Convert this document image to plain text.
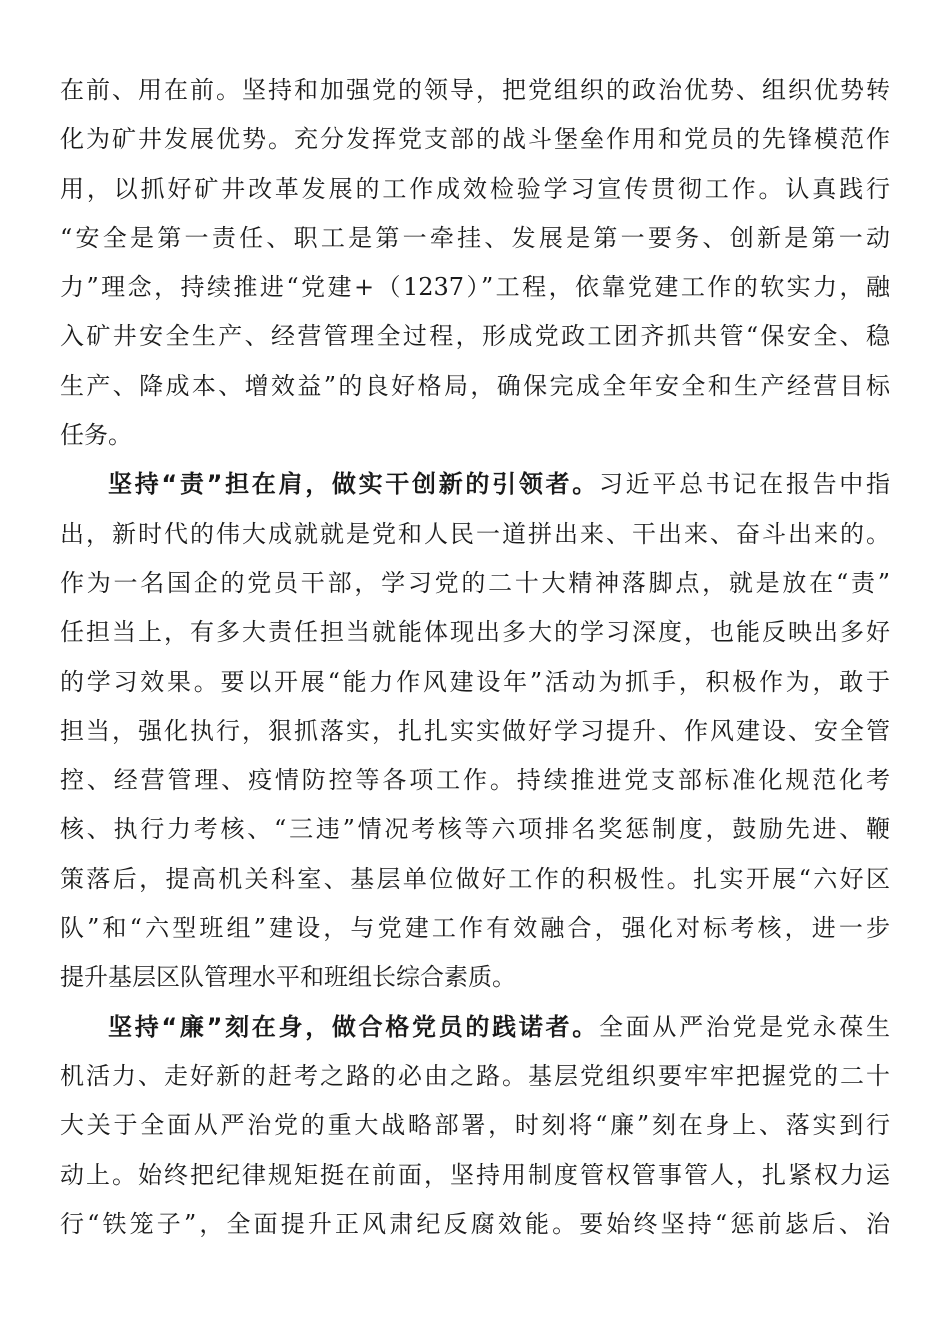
在前、用在前。坚持和加强党的领导，把党组织的政治优势、组织优势转
化为矿井发展优势。充分发挥党支部的战斗堡垒作用和党员的先锋模范作
用，以抓好矿井改革发展的工作成效检验学习宣传贯彻工作。认真践行
“安全是第一责任、职工是第一牵挂、发展是第一要务、创新是第一动
力”理念，持续推进“党建+（1237）”工程，依靠党建工作的软实力，融
入矿井安全生产、经营管理全过程，形成党政工团齐抓共管“保安全、稳
生产、降成本、增效益”的良好格局，确保完成全年安全和生产经营目标
任务。
坚持“责”担在肩，做实干创新的引领者。习近平总书记在报告中指
出，新时代的伟大成就就是党和人民一道拼出来、干出来、奋斗出来的。
作为一名国企的党员干部，学习党的二十大精神落脚点，就是放在“责”
任担当上，有多大责任担当就能体现出多大的学习深度，也能反映出多好
的学习效果。要以开展“能力作风建设年”活动为抓手，积极作为，敢于
担当，强化执行，狠抓落实，扎扎实实做好学习提升、作风建设、安全管
控、经营管理、疫情防控等各项工作。持续推进党支部标准化规范化考
核、执行力考核、“三违”情况考核等六项排名奖惩制度，鼓励先进、鞭
策落后，提高机关科室、基层单位做好工作的积极性。扎实开展“六好区
队”和“六型班组”建设，与党建工作有效融合，强化对标考核，进一步
提升基层区队管理水平和班组长综合素质。
坚持“廉”刻在身，做合格党员的践诺者。全面从严治党是党永葆生
机活力、走好新的赶考之路的必由之路。基层党组织要牢牢把握党的二十
大关于全面从严治党的重大战略部署，时刻将“廉”刻在身上、落实到行
动上。始终把纪律规矩挺在前面，坚持用制度管权管事管人，扎紧权力运
行“铁笼子”，全面提升正风肃纪反腐效能。要始终坚持“惩前毖后、治
